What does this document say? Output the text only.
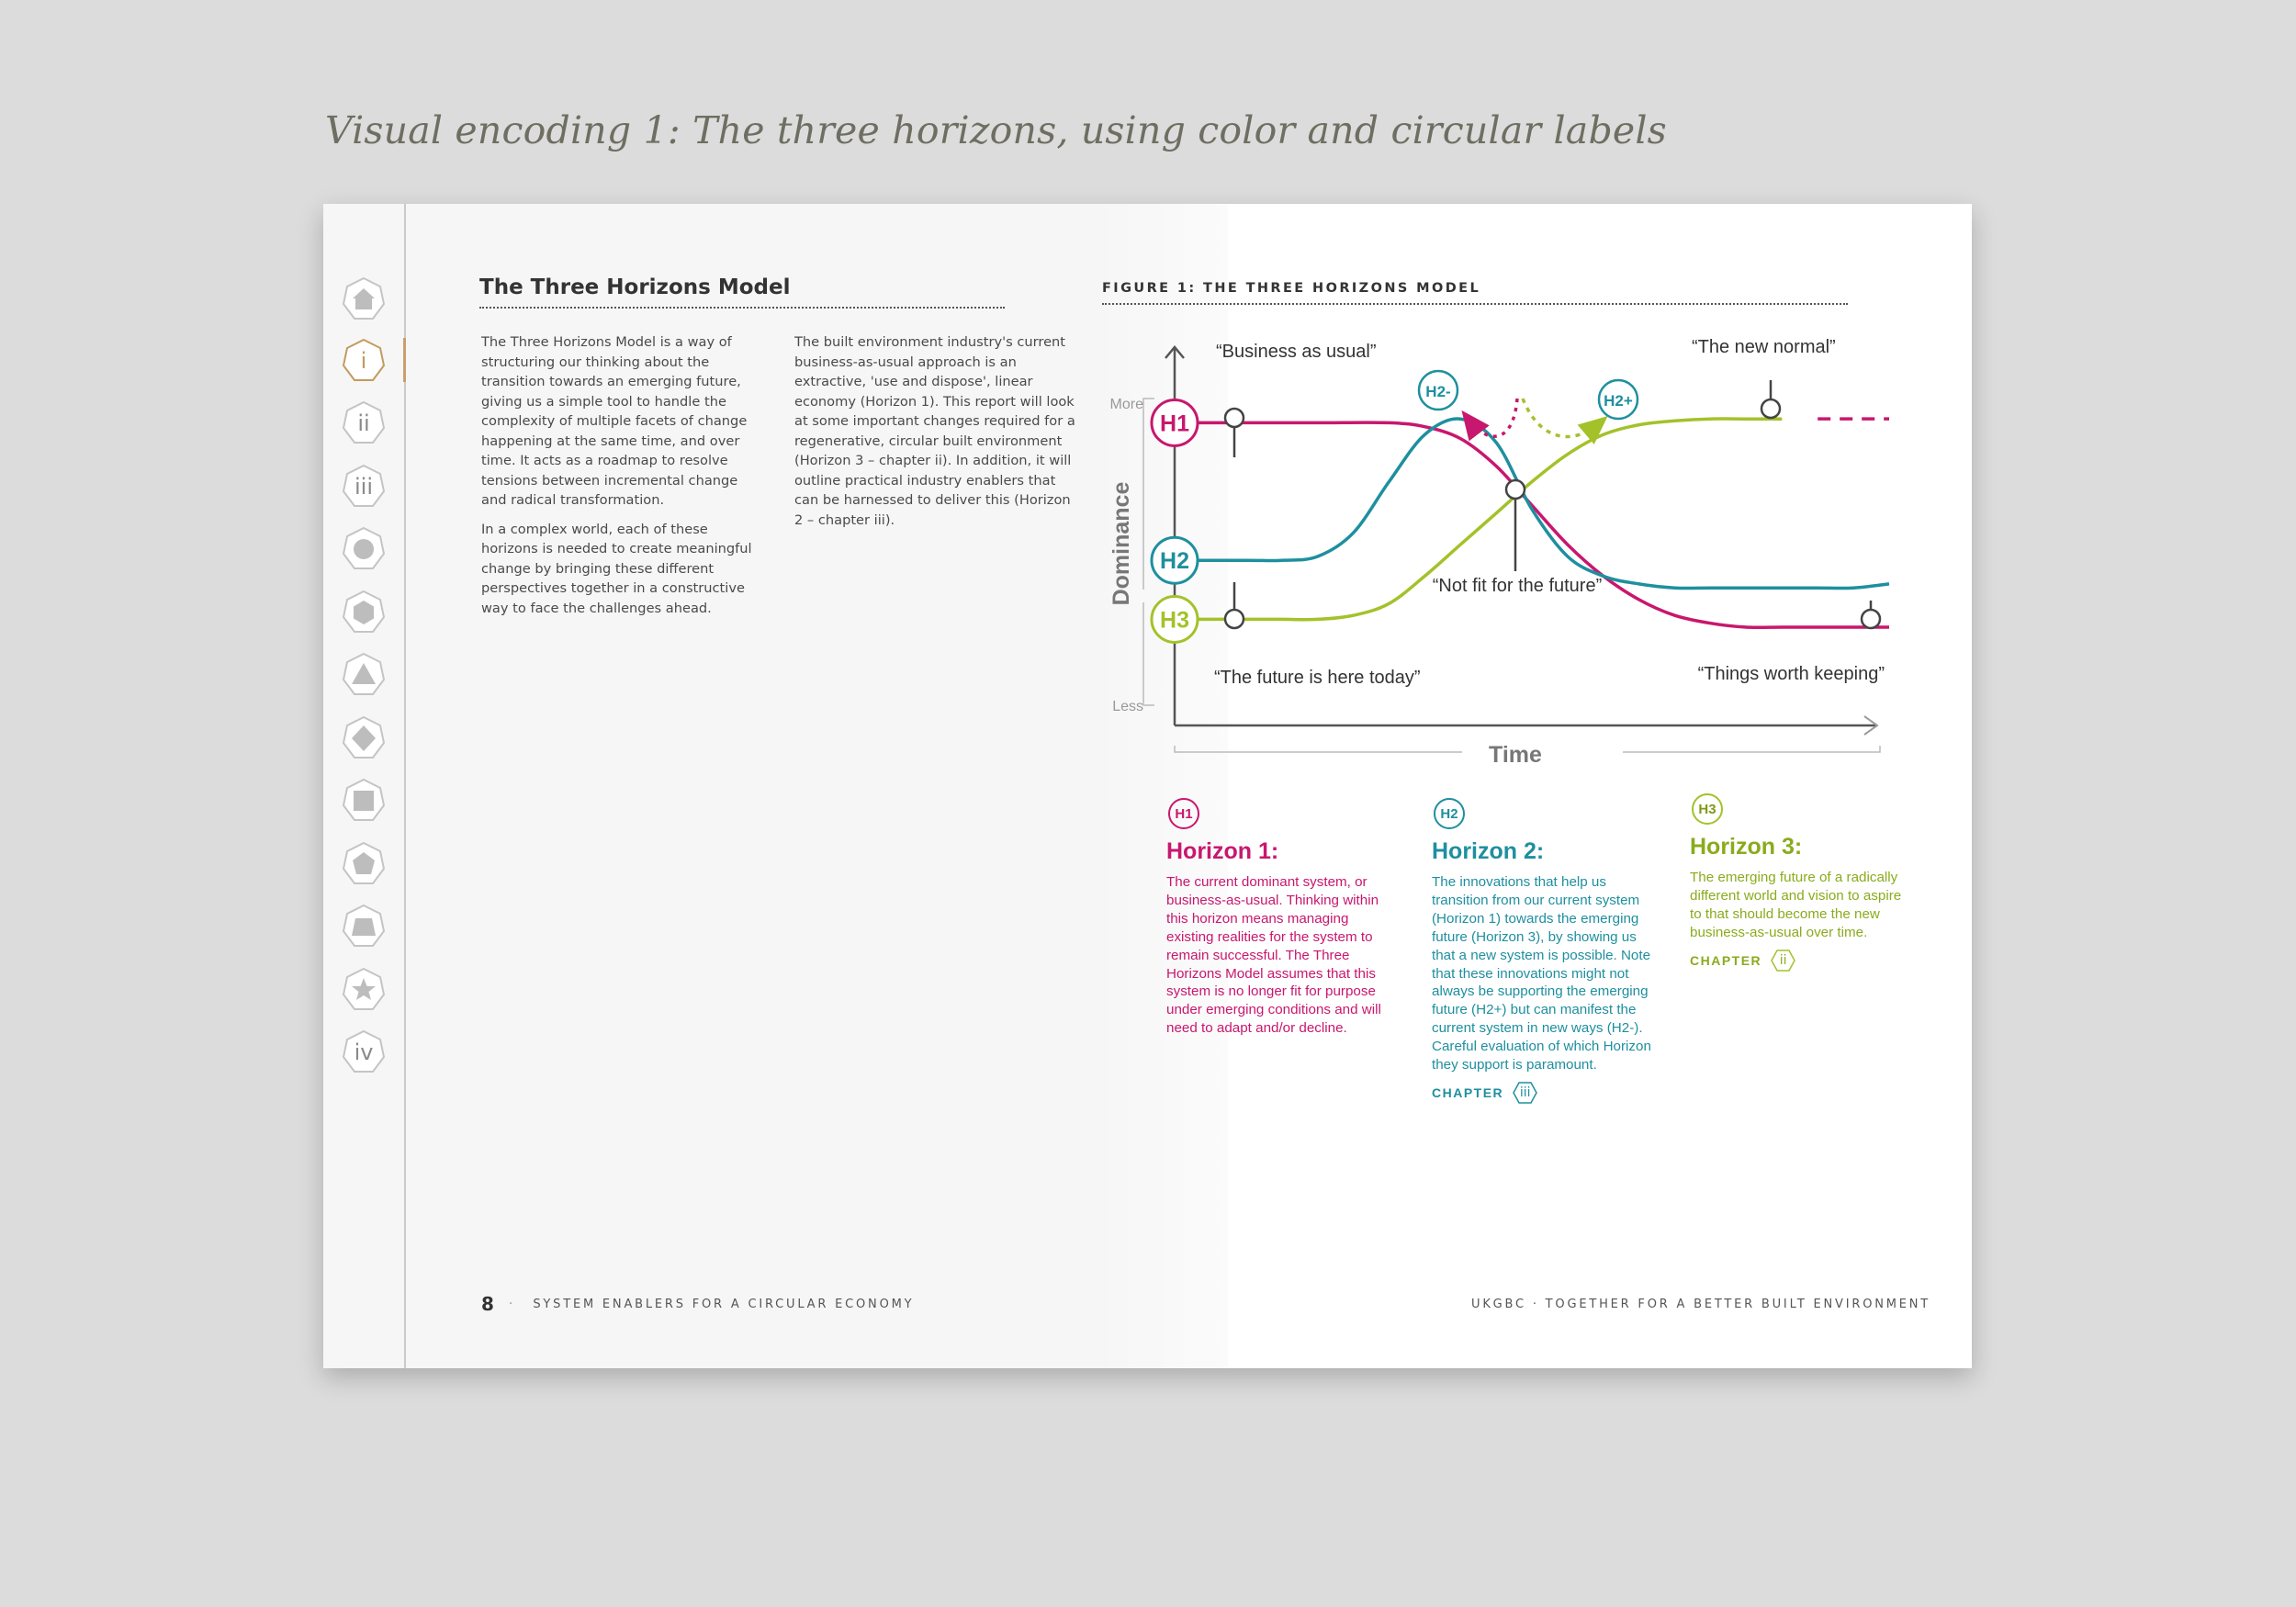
Visual encoding 1: The three horizons, using color and circular labels
i
ii
iii
iv
The Three Horizons Model

The Three Horizons Model is a way of structuring our thinking about the transition towards an emerging future, giving us a simple tool to handle the complexity of multiple facets of change happening at the same time, and over time. It acts as a roadmap to resolve tensions between incremental change and radical transformation.

In a complex world, each of these horizons is needed to create meaningful change by bringing these different perspectives together in a constructive way to face the challenges ahead.

The built environment industry's current business-as-usual approach is an extractive, 'use and dispose', linear economy (Horizon 1). This report will look at some important changes required for a regenerative, circular built environment (Horizon 3 – chapter ii). In addition, it will outline practical industry enablers that can be harnessed to deliver this (Horizon 2 – chapter iii).

8 · SYSTEM ENABLERS FOR A CIRCULAR ECONOMY	UKGBC · TOGETHER FOR A BETTER BUILT ENVIRONMENT
FIGURE 1: THE THREE HORIZONS MODEL
More
Less
Dominance
Time
H2-
H2+
H1
H2
H3
“Business as usual”	“The new normal”
“Not fit for the future”
“The future is here today”	“Things worth keeping”
H1
Horizon 1:
The current dominant system, or business-as-usual. Thinking within this horizon means managing existing realities for the system to remain successful. The Three Horizons Model assumes that this system is no longer fit for purpose under emerging conditions and will need to adapt and/or decline.
H2
Horizon 2:
The innovations that help us transition from our current system (Horizon 1) towards the emerging future (Horizon 3), by showing us that a new system is possible. Note that these innovations might not always be supporting the emerging future (H2+) but can manifest the current system in new ways (H2-). Careful evaluation of which Horizon they support is paramount.
CHAPTER iii
H3
Horizon 3:
The emerging future of a radically different world and vision to aspire to that should become the new business-as-usual over time.
CHAPTER ii
